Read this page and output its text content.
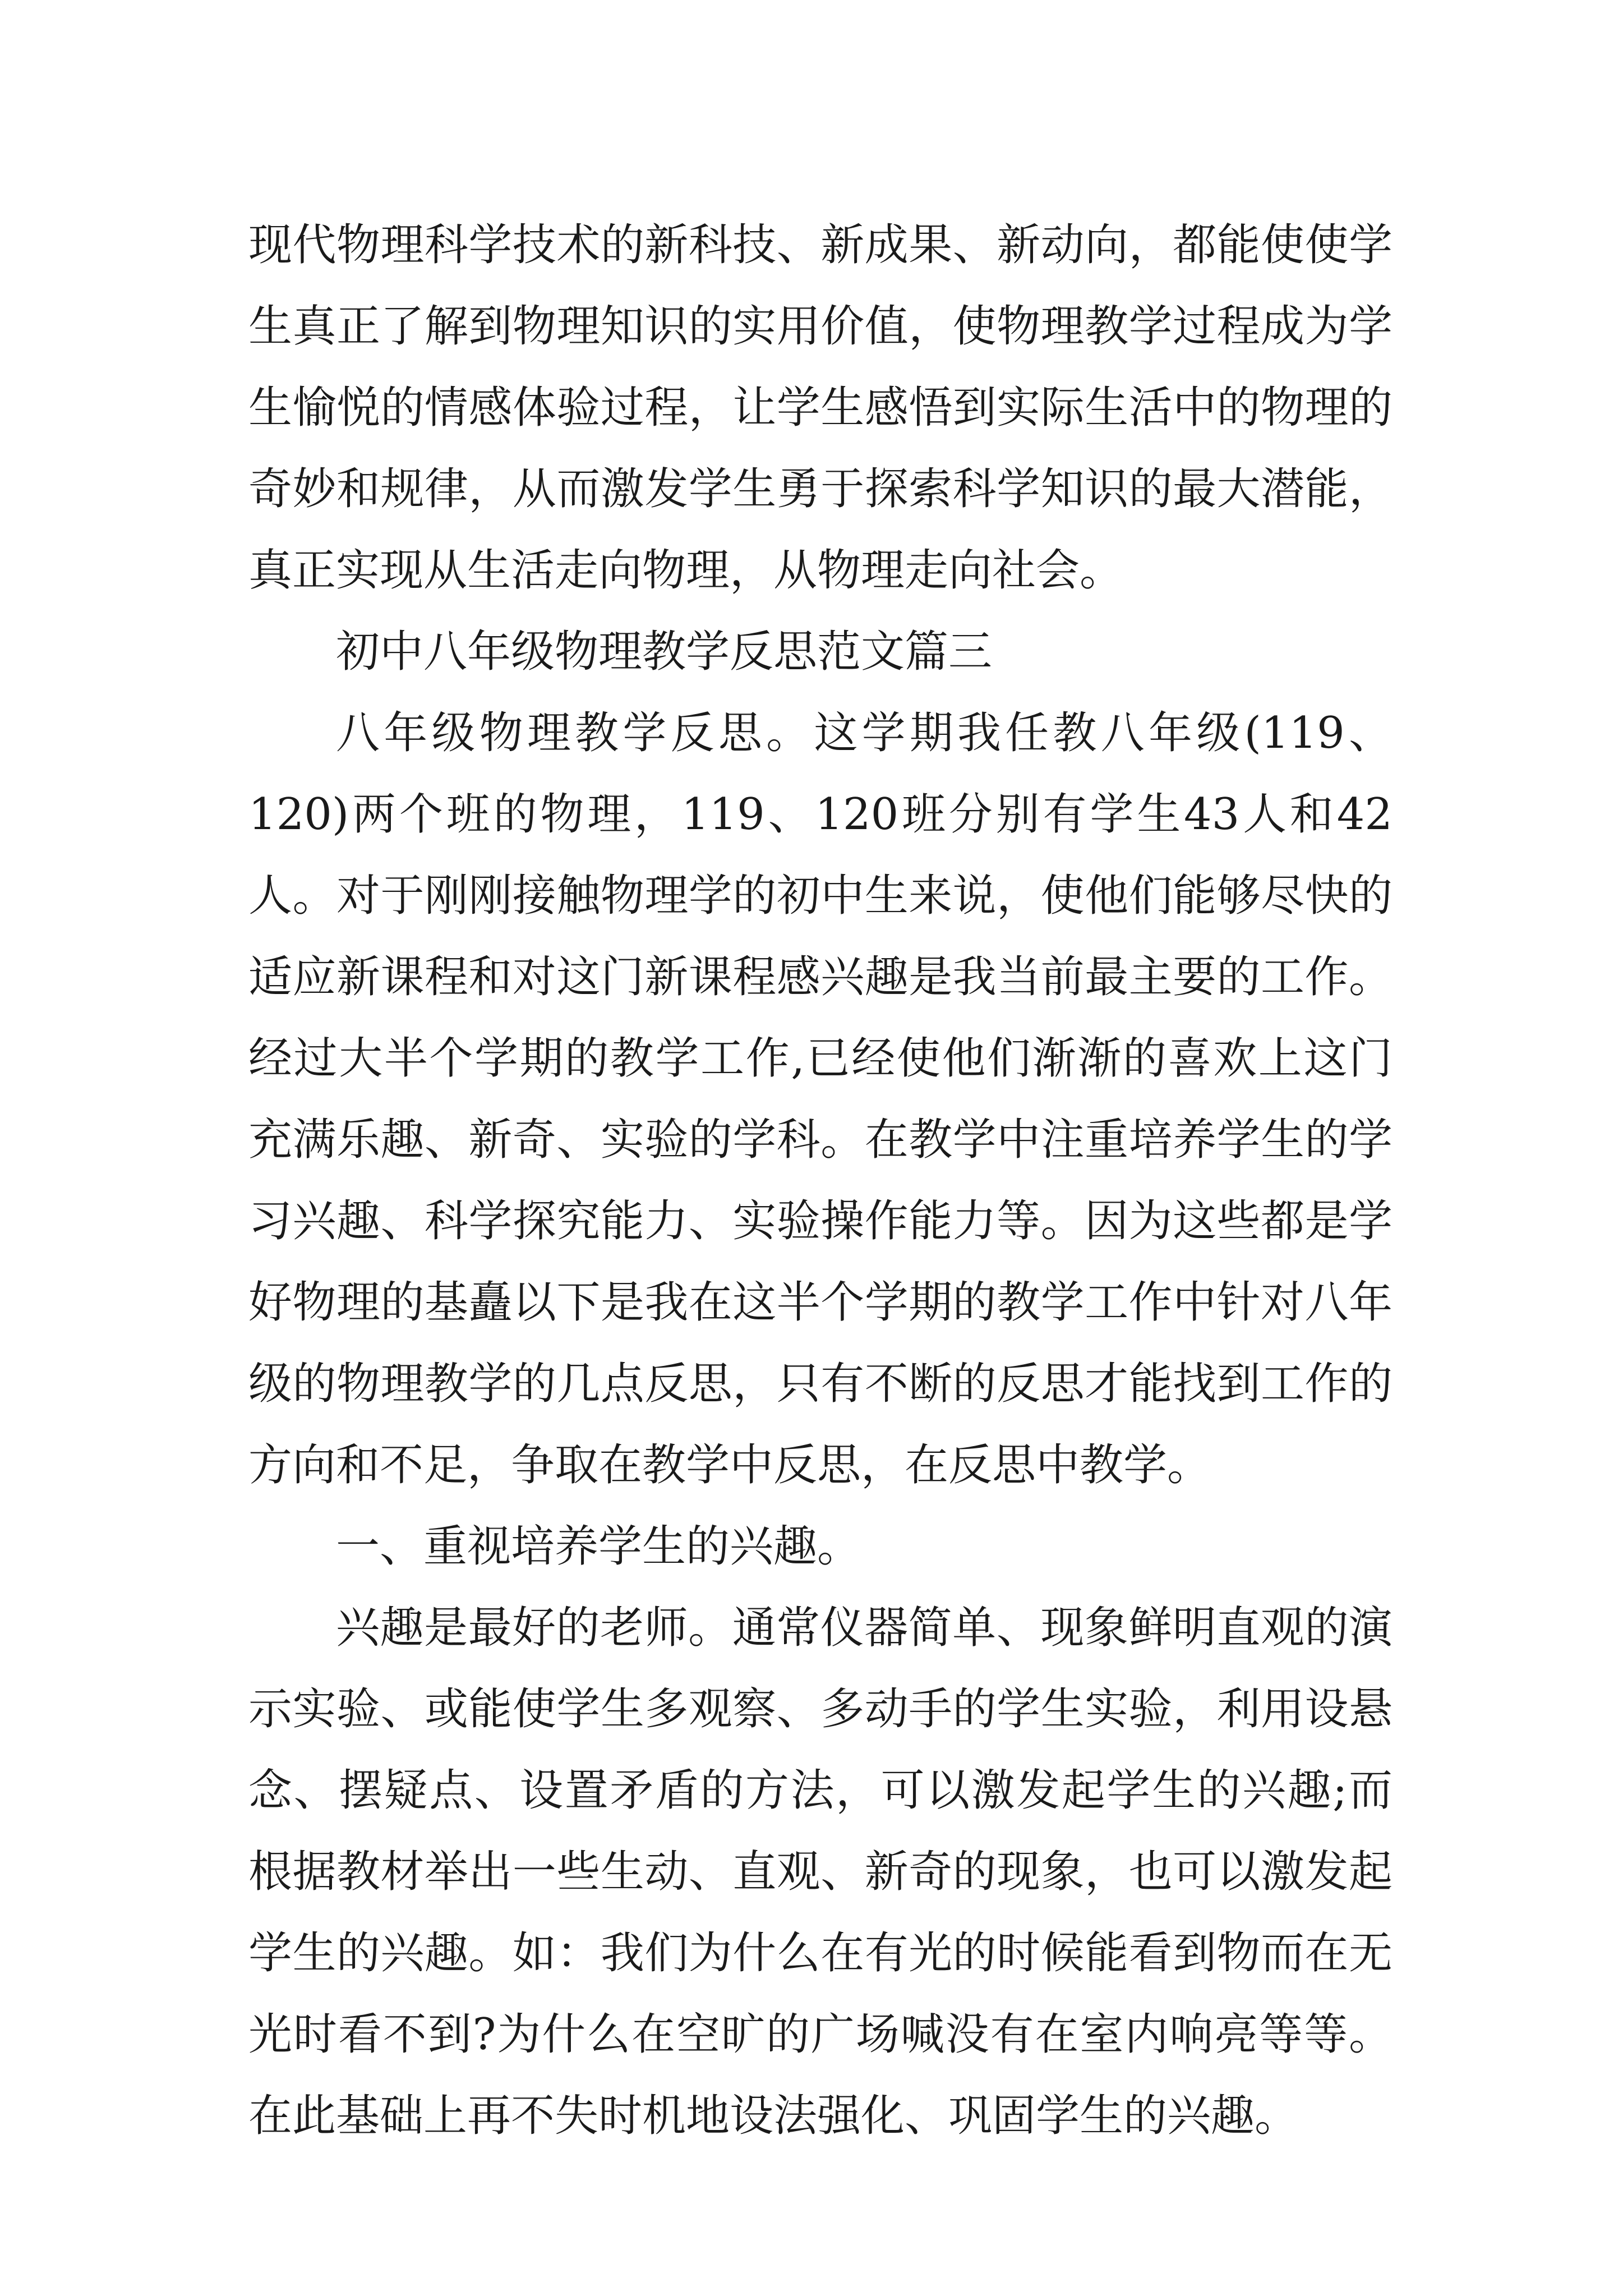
现代物理科学技术的新科技、新成果、新动向，都能使使学生真正了解到物理知识的实用价值，使物理教学过程成为学生愉悦的情感体验过程，让学生感悟到实际生活中的物理的奇妙和规律，从而激发学生勇于探索科学知识的最大潜能，真正实现从生活走向物理，从物理走向社会。

初中八年级物理教学反思范文篇三

八年级物理教学反思。这学期我任教八年级(119、120)两个班的物理，119、120班分别有学生43人和42人。对于刚刚接触物理学的初中生来说，使他们能够尽快的适应新课程和对这门新课程感兴趣是我当前最主要的工作。经过大半个学期的教学工作,已经使他们渐渐的喜欢上这门充满乐趣、新奇、实验的学科。在教学中注重培养学生的学习兴趣、科学探究能力、实验操作能力等。因为这些都是学好物理的基矗以下是我在这半个学期的教学工作中针对八年级的物理教学的几点反思，只有不断的反思才能找到工作的方向和不足，争取在教学中反思，在反思中教学。

一、重视培养学生的兴趣。

兴趣是最好的老师。通常仪器简单、现象鲜明直观的演示实验、或能使学生多观察、多动手的学生实验，利用设悬念、摆疑点、设置矛盾的方法，可以激发起学生的兴趣;而根据教材举出一些生动、直观、新奇的现象，也可以激发起学生的兴趣。如：我们为什么在有光的时候能看到物而在无光时看不到?为什么在空旷的广场喊没有在室内响亮等等。在此基础上再不失时机地设法强化、巩固学生的兴趣。
